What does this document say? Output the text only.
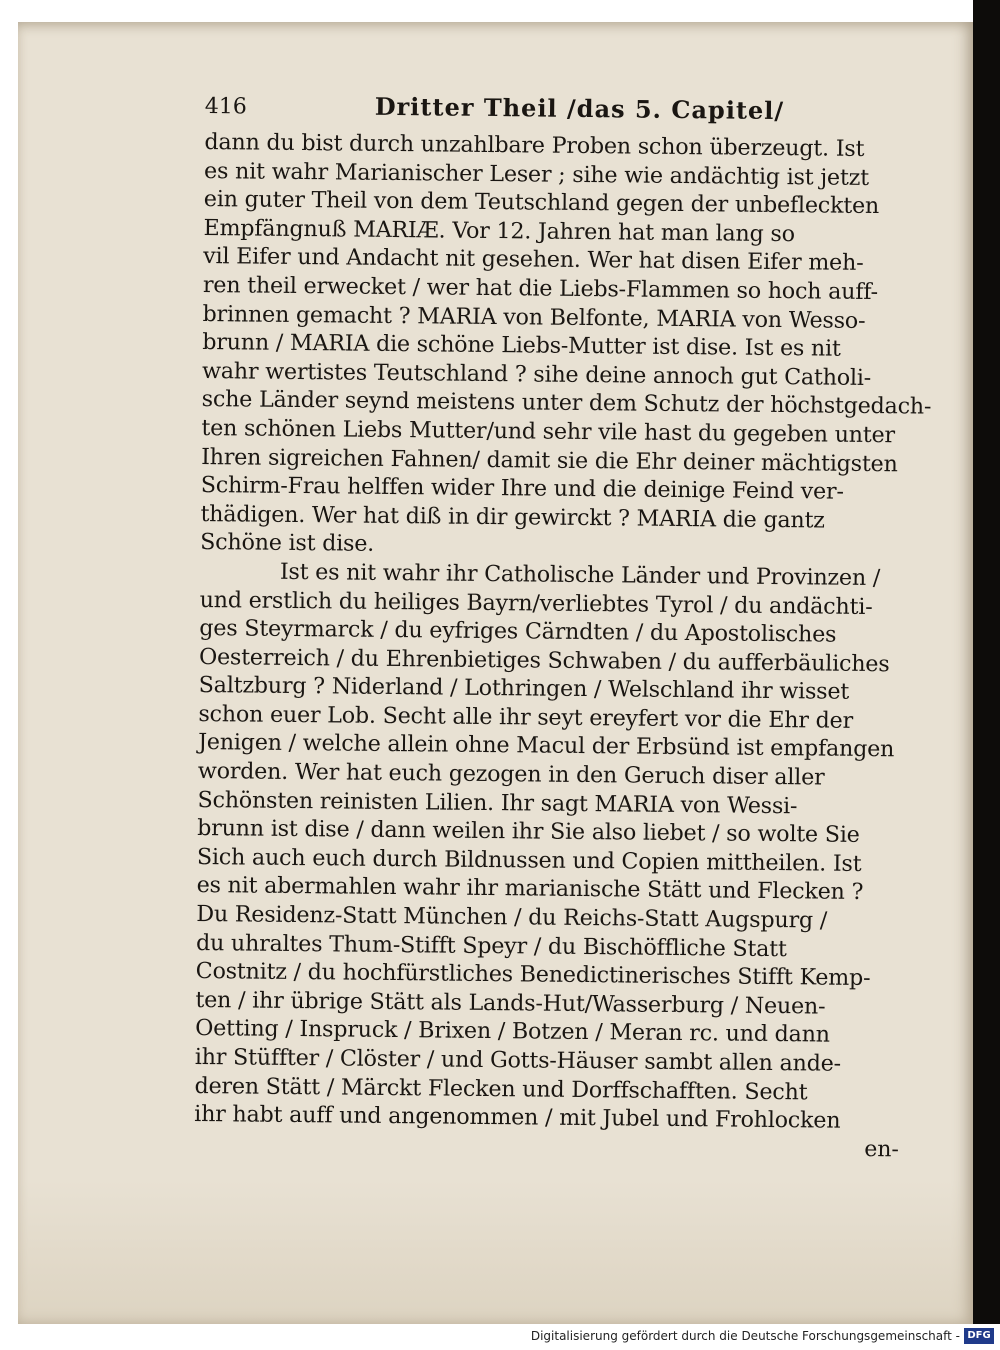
416	Dritter Theil /das 5. Capitel/
dann du bist durch unzahlbare Proben schon überzeugt. Ist
es nit wahr Marianischer Leser ; sihe wie andächtig ist jetzt
ein guter Theil von dem Teutschland gegen der unbefleckten
Empfängnuß MARIÆ. Vor 12. Jahren hat man lang so
vil Eifer und Andacht nit gesehen. Wer hat disen Eifer meh-
ren theil erwecket / wer hat die Liebs-Flammen so hoch auff-
brinnen gemacht ? MARIA von Belfonte, MARIA von Wesso-
brunn / MARIA die schöne Liebs-Mutter ist dise. Ist es nit
wahr wertistes Teutschland ? sihe deine annoch gut Catholi-
sche Länder seynd meistens unter dem Schutz der höchstgedach-
ten schönen Liebs Mutter/und sehr vile hast du gegeben unter
Ihren sigreichen Fahnen/ damit sie die Ehr deiner mächtigsten
Schirm-Frau helffen wider Ihre und die deinige Feind ver-
thädigen. Wer hat diß in dir gewirckt ? MARIA die gantz
Schöne ist dise.
Ist es nit wahr ihr Catholische Länder und Provinzen /
und erstlich du heiliges Bayrn/verliebtes Tyrol / du andächti-
ges Steyrmarck / du eyfriges Cärndten / du Apostolisches
Oesterreich / du Ehrenbietiges Schwaben / du aufferbäuliches
Saltzburg ? Niderland / Lothringen / Welschland ihr wisset
schon euer Lob. Secht alle ihr seyt ereyfert vor die Ehr der
Jenigen / welche allein ohne Macul der Erbsünd ist empfangen
worden. Wer hat euch gezogen in den Geruch diser aller
Schönsten reinisten Lilien. Ihr sagt MARIA von Wessi-
brunn ist dise / dann weilen ihr Sie also liebet / so wolte Sie
Sich auch euch durch Bildnussen und Copien mittheilen. Ist
es nit abermahlen wahr ihr marianische Stätt und Flecken ?
Du Residenz-Statt München / du Reichs-Statt Augspurg /
du uhraltes Thum-Stifft Speyr / du Bischöffliche Statt
Costnitz / du hochfürstliches Benedictinerisches Stifft Kemp-
ten / ihr übrige Stätt als Lands-Hut/Wasserburg / Neuen-
Oetting / Inspruck / Brixen / Botzen / Meran rc. und dann
ihr Stüffter / Clöster / und Gotts-Häuser sambt allen ande-
deren Stätt / Märckt Flecken und Dorffschafften. Secht
ihr habt auff und angenommen / mit Jubel und Frohlocken
en-
Digitalisierung gefördert durch die Deutsche Forschungsgemeinschaft - DFG
